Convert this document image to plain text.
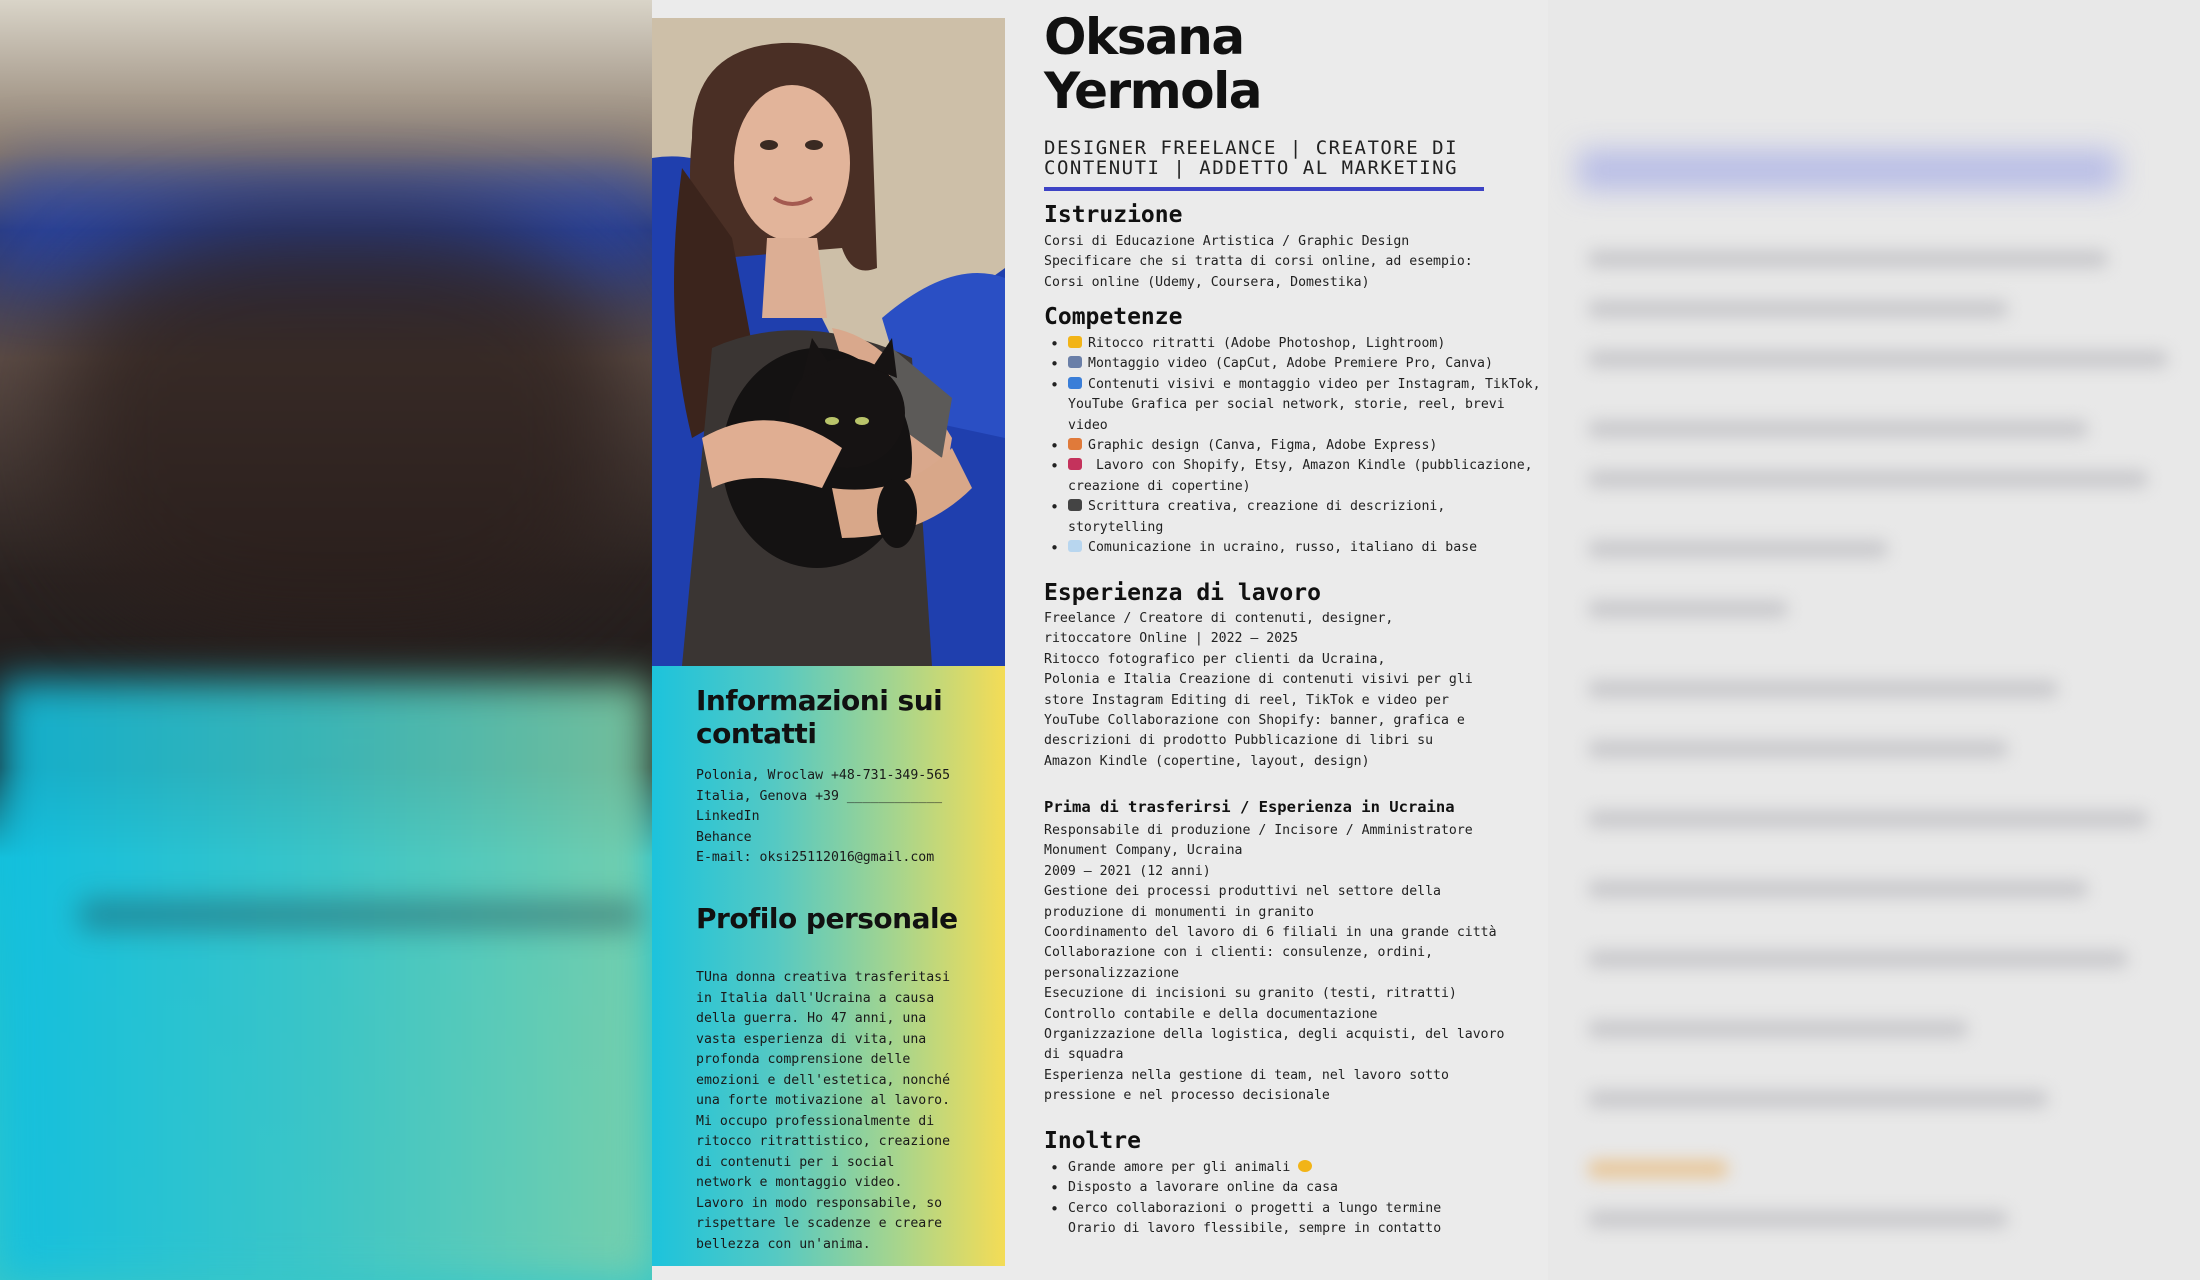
Informazioni sui
contatti
Polonia, Wroclaw +48-731-349-565
Italia, Genova +39 ____________
LinkedIn
Behance
E-mail: oksi25112016@gmail.com
Profilo personale
TUna donna creativa trasferitasi
in Italia dall'Ucraina a causa
della guerra. Ho 47 anni, una
vasta esperienza di vita, una
profonda comprensione delle
emozioni e dell'estetica, nonché
una forte motivazione al lavoro.
Mi occupo professionalmente di
ritocco ritrattistico, creazione
di contenuti per i social
network e montaggio video.
Lavoro in modo responsabile, so
rispettare le scadenze e creare
bellezza con un'anima.
Oksana
Yermola
DESIGNER FREELANCE | CREATORE DI
CONTENUTI | ADDETTO AL MARKETING
Istruzione
Corsi di Educazione Artistica / Graphic Design
Specificare che si tratta di corsi online, ad esempio:
Corsi online (Udemy, Coursera, Domestika)
Competenze
• Ritocco ritratti (Adobe Photoshop, Lightroom)
• Montaggio video (CapCut, Adobe Premiere Pro, Canva)
• Contenuti visivi e montaggio video per Instagram, TikTok,
YouTube Grafica per social network, storie, reel, brevi
video
• Graphic design (Canva, Figma, Adobe Express)
• Lavoro con Shopify, Etsy, Amazon Kindle (pubblicazione,
creazione di copertine)
• Scrittura creativa, creazione di descrizioni,
storytelling
• Comunicazione in ucraino, russo, italiano di base
Esperienza di lavoro
Freelance / Creatore di contenuti, designer,
ritoccatore Online | 2022 – 2025
Ritocco fotografico per clienti da Ucraina,
Polonia e Italia Creazione di contenuti visivi per gli
store Instagram Editing di reel, TikTok e video per
YouTube Collaborazione con Shopify: banner, grafica e
descrizioni di prodotto Pubblicazione di libri su
Amazon Kindle (copertine, layout, design)
Prima di trasferirsi / Esperienza in Ucraina
Responsabile di produzione / Incisore / Amministratore
Monument Company, Ucraina
2009 – 2021 (12 anni)
Gestione dei processi produttivi nel settore della
produzione di monumenti in granito
Coordinamento del lavoro di 6 filiali in una grande città
Collaborazione con i clienti: consulenze, ordini,
personalizzazione
Esecuzione di incisioni su granito (testi, ritratti)
Controllo contabile e della documentazione
Organizzazione della logistica, degli acquisti, del lavoro
di squadra
Esperienza nella gestione di team, nel lavoro sotto
pressione e nel processo decisionale
Inoltre
• Grande amore per gli animali
• Disposto a lavorare online da casa
• Cerco collaborazioni o progetti a lungo termine
Orario di lavoro flessibile, sempre in contatto
